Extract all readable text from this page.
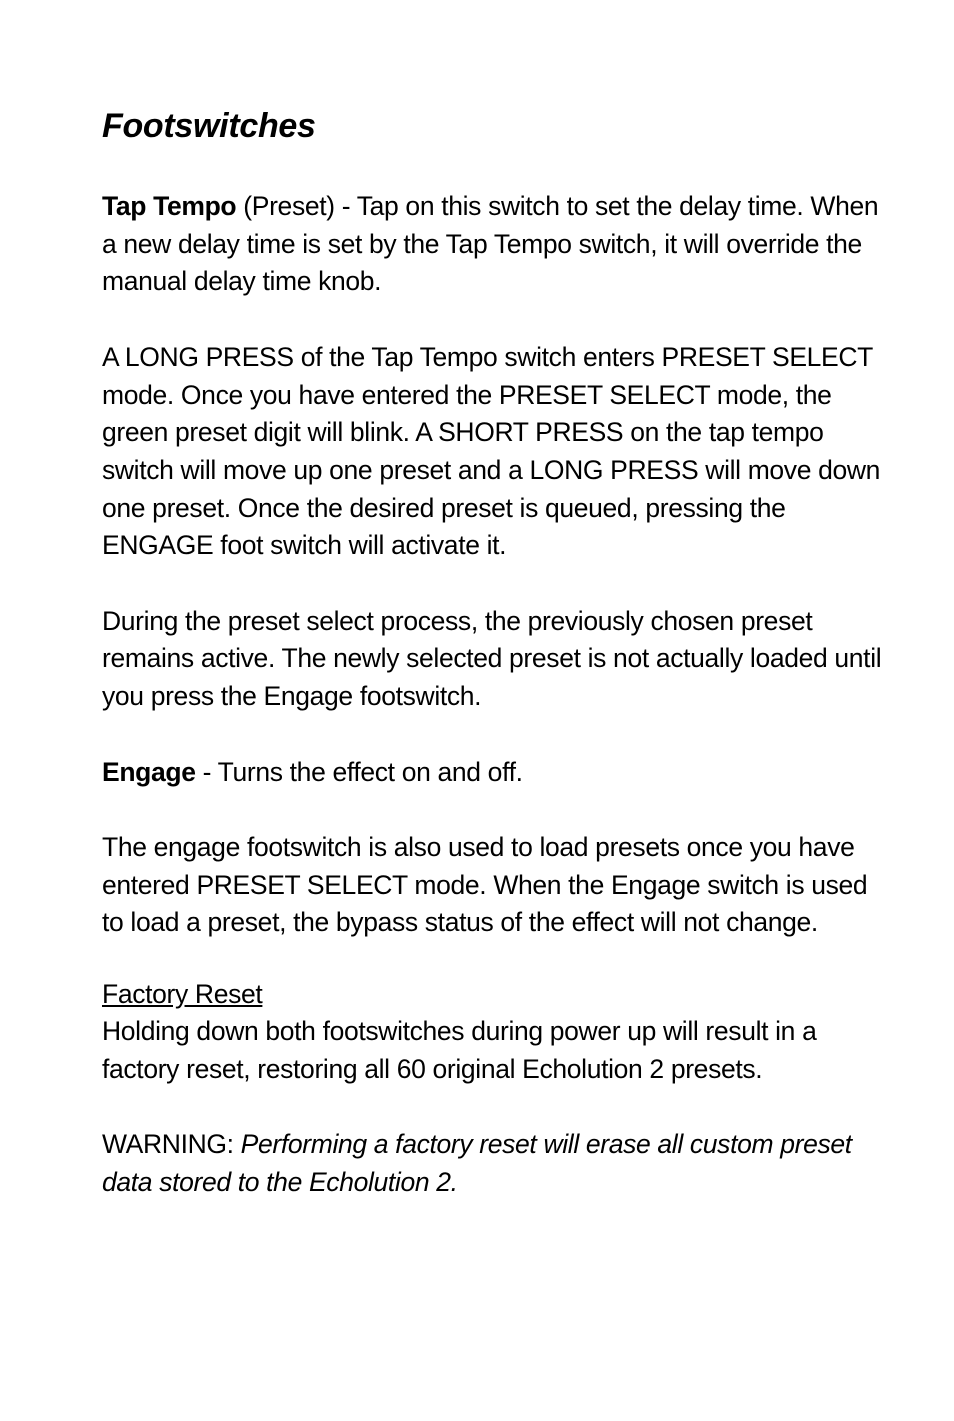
Footswitches

Tap Tempo (Preset) - Tap on this switch to set the delay time. When a new delay time is set by the Tap Tempo switch, it will override the manual delay time knob.

A LONG PRESS of the Tap Tempo switch enters PRESET SELECT mode. Once you have entered the PRESET SELECT mode, the green preset digit will blink. A SHORT PRESS on the tap tempo switch will move up one preset and a LONG PRESS will move down one preset. Once the desired preset is queued, pressing the ENGAGE foot switch will activate it.

During the preset select process, the previously chosen preset remains active. The newly selected preset is not actually loaded until you press the Engage footswitch.

Engage - Turns the effect on and off.

The engage footswitch is also used to load presets once you have entered PRESET SELECT mode. When the Engage switch is used to load a preset, the bypass status of the effect will not change.

Factory Reset
Holding down both footswitches during power up will result in a factory reset, restoring all 60 original Echolution 2 presets.

WARNING: Performing a factory reset will erase all custom preset data stored to the Echolution 2.
